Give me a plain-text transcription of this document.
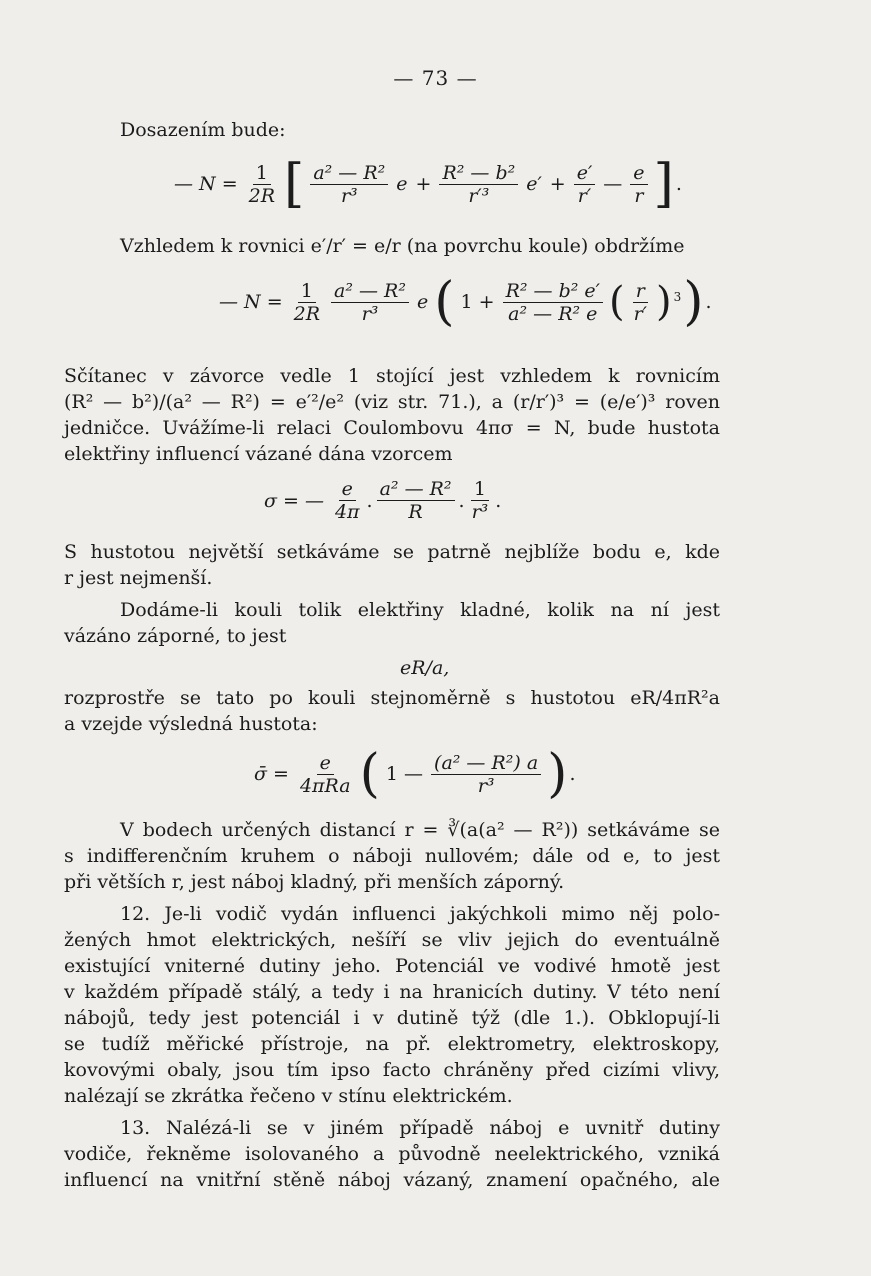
— 73 —
Dosazením bude:
— $N = \frac{1}{2R}$ [ $\frac{\text{a² — R²}}{\text{r³}}$ $e + \frac{\text{R² — b²}}{\text{r′³}} e' + \frac{e'}{r'}$ — $\frac{e}{r}$ ] .
Vzhledem k rovnici e′/r′ = e/r (na povrchu koule) obdržíme
— $N = \frac{1}{2R} \frac{\text{a² — R²}}{\text{r³}}$ e ( $1 + \frac{\text{R² — b² e′}}{\text{a² — R² e}}$ ( $\frac{r}{r'} )^3$ ) .
Sčítanec v závorce vedle 1 stojící jest vzhledem k rovnicím
(R² — b²)/(a² — R²) = e′²/e² (viz str. 71.), a (r/r′)³ = (e/e′)³ roven
jedničce. Uvážíme-li relaci Coulombovu 4πσ = N, bude hustota
elektřiny influencí vázané dána vzorcem
σ = — $\frac{e}{4\pi}$ . $\frac{\text{a² — R²}}{R}$ . $\frac{1}{\text{r³}}$ .
S hustotou největší setkáváme se patrně nejblíže bodu e, kde
r jest nejmenší.
Dodáme-li kouli tolik elektřiny kladné, kolik na ní jest
vázáno záporné, to jest
eR/a,
rozprostře se tato po kouli stejnoměrně s hustotou eR/4πR²a
a vzejde výsledná hustota:
σ̄ = $\frac{e}{\text{4πRa}}$ ( 1 — $\frac{\text{(a² — R²) a}}{\text{r³}}$ ) .
V bodech určených distancí r = ∛(a(a² — R²)) setkáváme se
s indifferenčním kruhem o náboji nullovém; dále od e, to jest
při větších r, jest náboj kladný, při menších záporný.
12. Je-li vodič vydán influenci jakýchkoli mimo něj polo-
žených hmot elektrických, nešíří se vliv jejich do eventuálně
existující vniterné dutiny jeho. Potenciál ve vodivé hmotě jest
v každém případě stálý, a tedy i na hranicích dutiny. V této není
nábojů, tedy jest potenciál i v dutině týž (dle 1.). Obklopují-li
se tudíž měřické přístroje, na př. elektrometry, elektroskopy,
kovovými obaly, jsou tím ipso facto chráněny před cizími vlivy,
nalézají se zkrátka řečeno v stínu elektrickém.
13. Nalézá-li se v jiném případě náboj e uvnitř dutiny
vodiče, řekněme isolovaného a původně neelektrického, vzniká
influencí na vnitřní stěně náboj vázaný, znamení opačného, ale
